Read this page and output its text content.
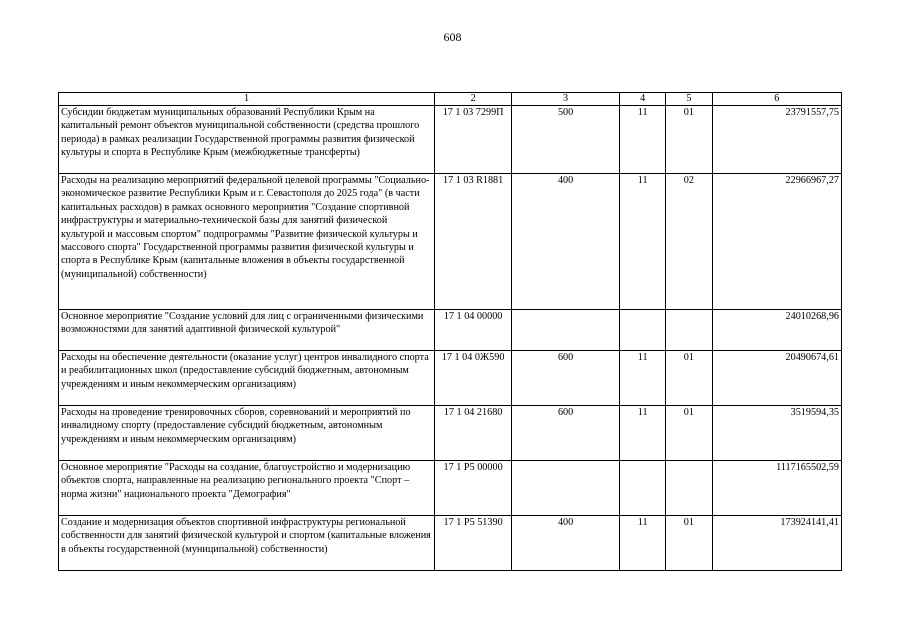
608
1	2	3	4	5	6
Субсидии бюджетам муниципальных образований Республики Крым на капитальный ремонт объектов муниципальной собственности (средства прошлого периода) в рамках реализации Государственной программы развития физической культуры и спорта в Республике Крым (межбюджетные трансферты)	17 1 03 7299П	500	11	01	23791557,75
Расходы на реализацию мероприятий федеральной целевой программы "Социально-экономическое развитие Республики Крым и г. Севастополя до 2025 года" (в части капитальных расходов) в рамках основного мероприятия "Создание спортивной инфраструктуры и материально-технической базы для занятий физической культурой и массовым спортом" подпрограммы "Развитие физической культуры и массового спорта" Государственной программы развития физической культуры и спорта в Республике Крым (капитальные вложения в объекты государственной (муниципальной) собственности)	17 1 03 R1881	400	11	02	22966967,27
Основное мероприятие "Создание условий для лиц с ограниченными физическими возможностями для занятий адаптивной физической культурой"	17 1 04 00000				24010268,96
Расходы на обеспечение деятельности (оказание услуг) центров инвалидного спорта и реабилитационных школ (предоставление субсидий бюджетным, автономным учреждениям и иным некоммерческим организациям)	17 1 04 0Ж590	600	11	01	20490674,61
Расходы на проведение тренировочных сборов, соревнований и мероприятий по инвалидному спорту (предоставление субсидий бюджетным, автономным учреждениям и иным некоммерческим организациям)	17 1 04 21680	600	11	01	3519594,35
Основное мероприятие "Расходы на создание, благоустройство и модернизацию объектов спорта, направленные на реализацию регионального проекта "Спорт – норма жизни" национального проекта "Демография"	17 1 P5 00000				1117165502,59
Создание и модернизация объектов спортивной инфраструктуры региональной собственности для занятий физической культурой и спортом (капитальные вложения в объекты государственной (муниципальной) собственности)	17 1 P5 51390	400	11	01	173924141,41
